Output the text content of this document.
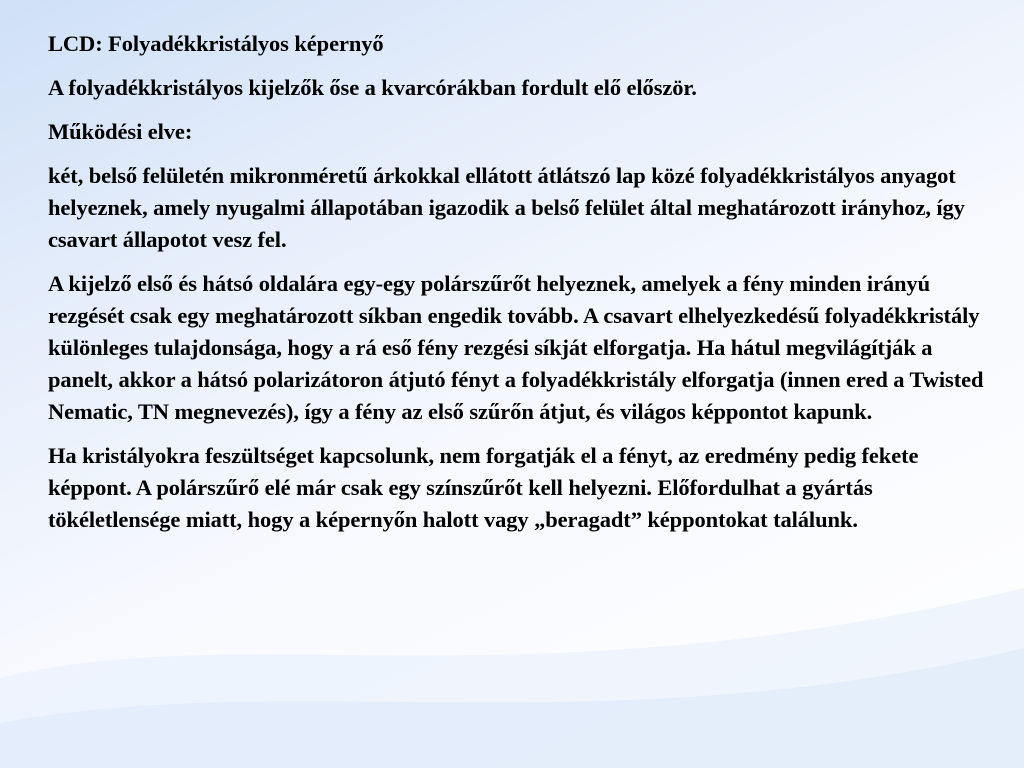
LCD: Folyadékkristályos képernyő

A folyadékkristályos kijelzők őse a kvarcórákban fordult elő először.

Működési elve:

két, belső felületén mikronméretű árkokkal ellátott átlátszó lap közé folyadékkristályos anyagot helyeznek, amely nyugalmi állapotában igazodik a belső felület által meghatározott irányhoz, így csavart állapotot vesz fel.

A kijelző első és hátsó oldalára egy-egy polárszűrőt helyeznek, amelyek a fény minden irányú rezgését csak egy meghatározott síkban engedik tovább. A csavart elhelyezkedésű folyadékkristály különleges tulajdonsága, hogy a rá eső fény rezgési síkját elforgatja. Ha hátul megvilágítják a panelt, akkor a hátsó polarizátoron átjutó fényt a folyadékkristály elforgatja (innen ered a Twisted Nematic, TN megnevezés), így a fény az első szűrőn átjut, és világos képpontot kapunk.

Ha kristályokra feszültséget kapcsolunk, nem forgatják el a fényt, az eredmény pedig fekete képpont. A polárszűrő elé már csak egy színszűrőt kell helyezni. Előfordulhat a gyártás tökéletlensége miatt, hogy a képernyőn halott vagy „beragadt” képpontokat találunk.
